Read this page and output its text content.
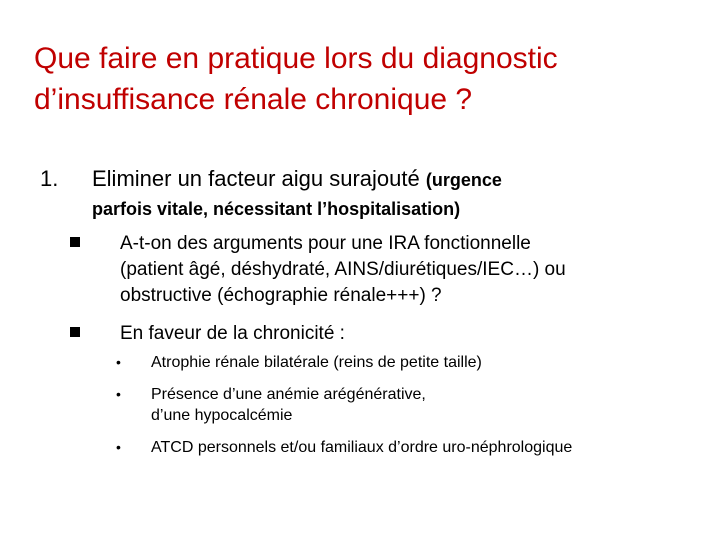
Que faire en pratique lors du diagnostic
d’insuffisance rénale chronique ?
1. Eliminer un facteur aigu surajouté (urgence
parfois vitale, nécessitant l’hospitalisation)
A-t-on des arguments pour une IRA fonctionnelle
(patient âgé, déshydraté, AINS/diurétiques/IEC…) ou
obstructive (échographie rénale+++) ?
En faveur de la chronicité :
• Atrophie rénale bilatérale (reins de petite taille)
• Présence d’une anémie arégénérative,
d’une hypocalcémie
• ATCD personnels et/ou familiaux d’ordre uro-néphrologique
